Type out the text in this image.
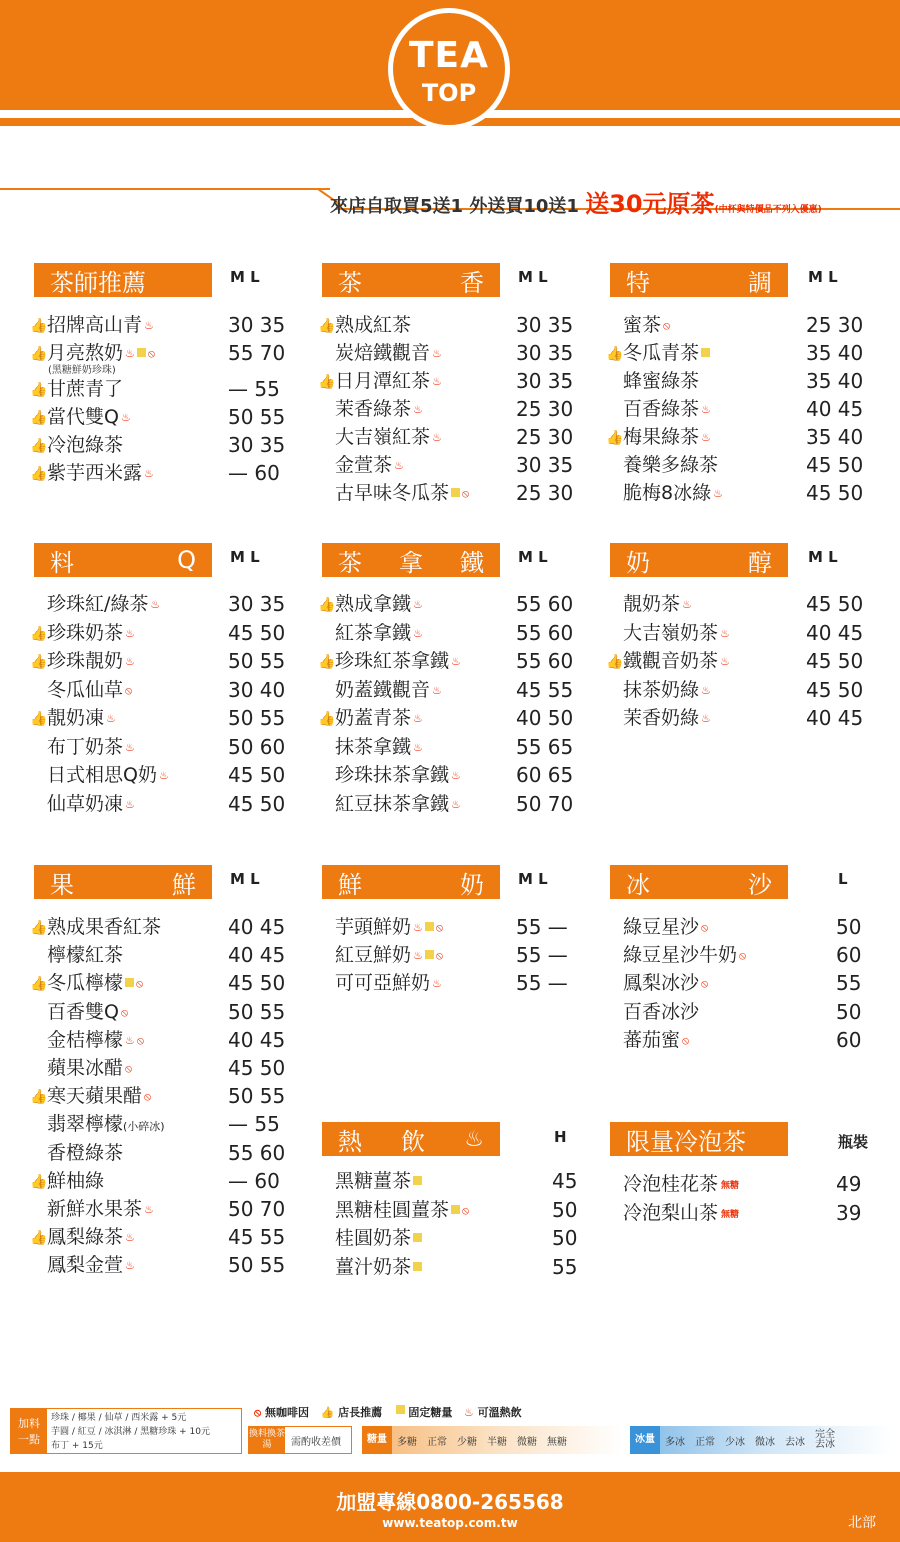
TEA
TOP
來店自取買5送1 外送買10送1 送30元原茶(中杯與特價品不列入優惠)
茶師推薦	M L
👍招牌高山青 ♨	30 35
👍月亮熬奶 ♨ ⦸	55 70
(黑糖鮮奶珍珠)
👍甘蔗青了	— 55
👍當代雙Q ♨	50 55
👍冷泡綠茶	30 35
👍紫芋西米露 ♨	— 60
茶	香 M L
👍熟成紅茶	30 35
炭焙鐵觀音 ♨	30 35
👍日月潭紅茶 ♨	30 35
茉香綠茶 ♨	25 30
大吉嶺紅茶 ♨	25 30
金萱茶 ♨	30 35
古早味冬瓜茶 ⦸ 25 30
特	調 M L
蜜茶 ⦸	25 30
👍冬瓜青茶	35 40
蜂蜜綠茶	35 40
百香綠茶 ♨	40 45
👍梅果綠茶 ♨	35 40
養樂多綠茶	45 50
脆梅8冰綠 ♨	45 50
料	Q M L
珍珠紅/綠茶 ♨	30 35
👍珍珠奶茶 ♨	45 50
👍珍珠靚奶 ♨	50 55
冬瓜仙草 ⦸	30 40
👍靚奶凍 ♨	50 55
布丁奶茶 ♨	50 60
日式相思Q奶 ♨	45 50
仙草奶凍 ♨	45 50
茶 拿 鐵 M L
👍熟成拿鐵 ♨	55 60
紅茶拿鐵 ♨	55 60
👍珍珠紅茶拿鐵 ♨	55 60
奶蓋鐵觀音 ♨	45 55
👍奶蓋青茶 ♨	40 50
抹茶拿鐵 ♨	55 65
珍珠抹茶拿鐵 ♨	60 65
紅豆抹茶拿鐵 ♨	50 70
奶	醇 M L
靚奶茶 ♨	45 50
大吉嶺奶茶 ♨	40 45
👍鐵觀音奶茶 ♨	45 50
抹茶奶綠 ♨	45 50
茉香奶綠 ♨	40 45
果	鮮 M L
👍熟成果香紅茶	40 45
檸檬紅茶	40 45
👍冬瓜檸檬 ⦸	45 50
百香雙Q ⦸	50 55
金桔檸檬 ♨ ⦸	40 45
蘋果冰醋 ⦸	45 50
👍寒天蘋果醋 ⦸	50 55
翡翠檸檬(小碎冰)	— 55
香橙綠茶	55 60
👍鮮柚綠	— 60
新鮮水果茶 ♨	50 70
👍鳳梨綠茶 ♨	45 55
鳳梨金萱 ♨	50 55
鮮	奶 M L
芋頭鮮奶 ♨ ⦸	55 —
紅豆鮮奶 ♨ ⦸	55 —
可可亞鮮奶 ♨	55 —
冰	沙	L
綠豆星沙 ⦸	50
綠豆星沙牛奶 ⦸	60
鳳梨冰沙 ⦸	55
百香冰沙	50
蕃茄蜜 ⦸	60
熱 飲 ♨	H
黑糖薑茶	45
黑糖桂圓薑茶 ⦸	50
桂圓奶茶	50
薑汁奶茶	55
限量冷泡茶	瓶裝
冷泡桂花茶 無糖	49
冷泡梨山茶 無糖	39
加料一點
珍珠 / 椰果 / 仙草 / 西米露 + 5元
芋圓 / 紅豆 / 冰淇淋 / 黑糖珍珠 + 10元
布丁 + 15元
⦸ 無咖啡因 👍 店長推薦 固定糖量 ♨ 可溫熱飲
換料換茶湯	需酌收差價	糖量	多糖	正常	少糖	半糖	微糖	無糖	冰量	多冰	正常	少冰	微冰	去冰
完全去冰
加盟專線0800-265568
www.teatop.com.tw	北部
